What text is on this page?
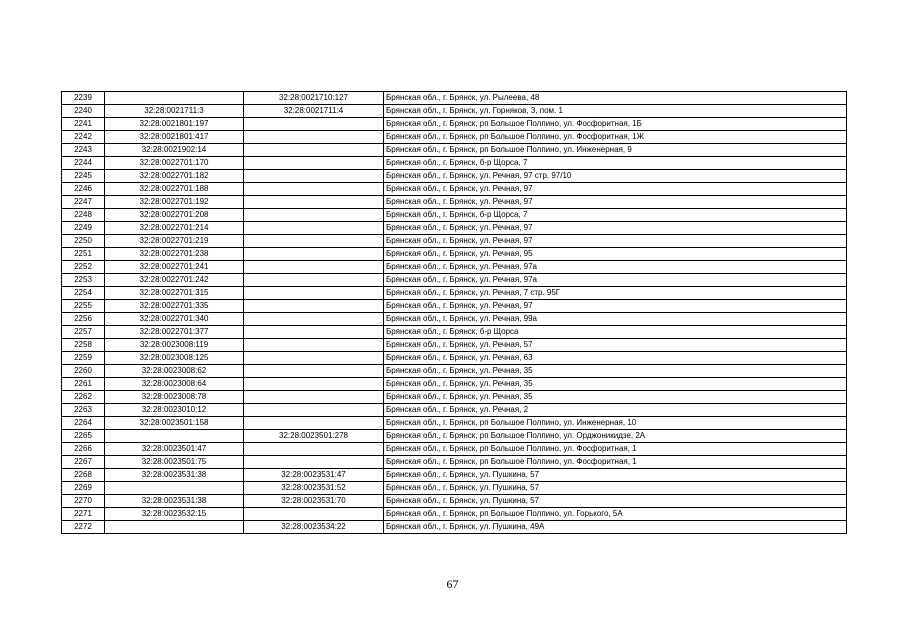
2239		32:28:0021710:127	Брянская обл., г. Брянск, ул. Рылеева, 48
2240	32:28:0021711:3	32:28:0021711:4	Брянская обл., г. Брянск, ул. Горняков, 3, пом. 1
2241	32:28:0021801:197		Брянская обл., г. Брянск, рп Большое Полпино, ул. Фосфоритная, 1Б
2242	32:28:0021801:417		Брянская обл., г. Брянск, рп Большое Полпино, ул. Фосфоритная, 1Ж
2243	32:28:0021902:14		Брянская обл., г. Брянск, рп Большое Полпино, ул. Инженерная, 9
2244	32:28:0022701:170		Брянская обл., г. Брянск, б-р Щорса, 7
2245	32:28:0022701:182		Брянская обл., г. Брянск, ул. Речная, 97 стр. 97/10
2246	32:28:0022701:188		Брянская обл., г. Брянск, ул. Речная, 97
2247	32:28:0022701:192		Брянская обл., г. Брянск, ул. Речная, 97
2248	32:28:0022701:208		Брянская обл., г. Брянск, б-р Щорса, 7
2249	32:28:0022701:214		Брянская обл., г. Брянск, ул. Речная, 97
2250	32:28:0022701:219		Брянская обл., г. Брянск, ул. Речная, 97
2251	32:28:0022701:238		Брянская обл., г. Брянск, ул. Речная, 95
2252	32:28:0022701:241		Брянская обл., г. Брянск, ул. Речная, 97а
2253	32:28:0022701:242		Брянская обл., г. Брянск, ул. Речная, 97а
2254	32:28:0022701:315		Брянская обл., г. Брянск, ул. Речная, 7 стр. 95Г
2255	32:28:0022701:335		Брянская обл., г. Брянск, ул. Речная, 97
2256	32:28:0022701:340		Брянская обл., г. Брянск, ул. Речная, 99а
2257	32:28:0022701:377		Брянская обл., г. Брянск, б-р Щорса
2258	32:28:0023008:119		Брянская обл., г. Брянск, ул. Речная, 57
2259	32:28:0023008:125		Брянская обл., г. Брянск, ул. Речная, 63
2260	32:28:0023008:62		Брянская обл., г. Брянск, ул. Речная, 35
2261	32:28:0023008:64		Брянская обл., г. Брянск, ул. Речная, 35
2262	32:28:0023008:78		Брянская обл., г. Брянск, ул. Речная, 35
2263	32:28:0023010:12		Брянская обл., г. Брянск, ул. Речная, 2
2264	32:28:0023501:158		Брянская обл., г. Брянск, рп Большое Полпино, ул. Инженерная, 10
2265		32:28:0023501:278	Брянская обл., г. Брянск, рп Большое Полпино, ул. Орджоникидзе, 2А
2266	32:28:0023501:47		Брянская обл., г. Брянск, рп Большое Полпино, ул. Фосфоритная, 1
2267	32:28:0023501:75		Брянская обл., г. Брянск, рп Большое Полпино, ул. Фосфоритная, 1
2268	32:28:0023531:38	32:28:0023531:47	Брянская обл., г. Брянск, ул. Пушкина, 57
2269		32:28:0023531:52	Брянская обл., г. Брянск, ул. Пушкина, 57
2270	32:28:0023531:38	32:28:0023531:70	Брянская обл., г. Брянск, ул. Пушкина, 57
2271	32:28:0023532:15		Брянская обл., г. Брянск, рп Большое Полпино, ул. Горького, 5А
2272		32:28:0023534:22	Брянская обл., г. Брянск, ул. Пушкина, 49А
67
